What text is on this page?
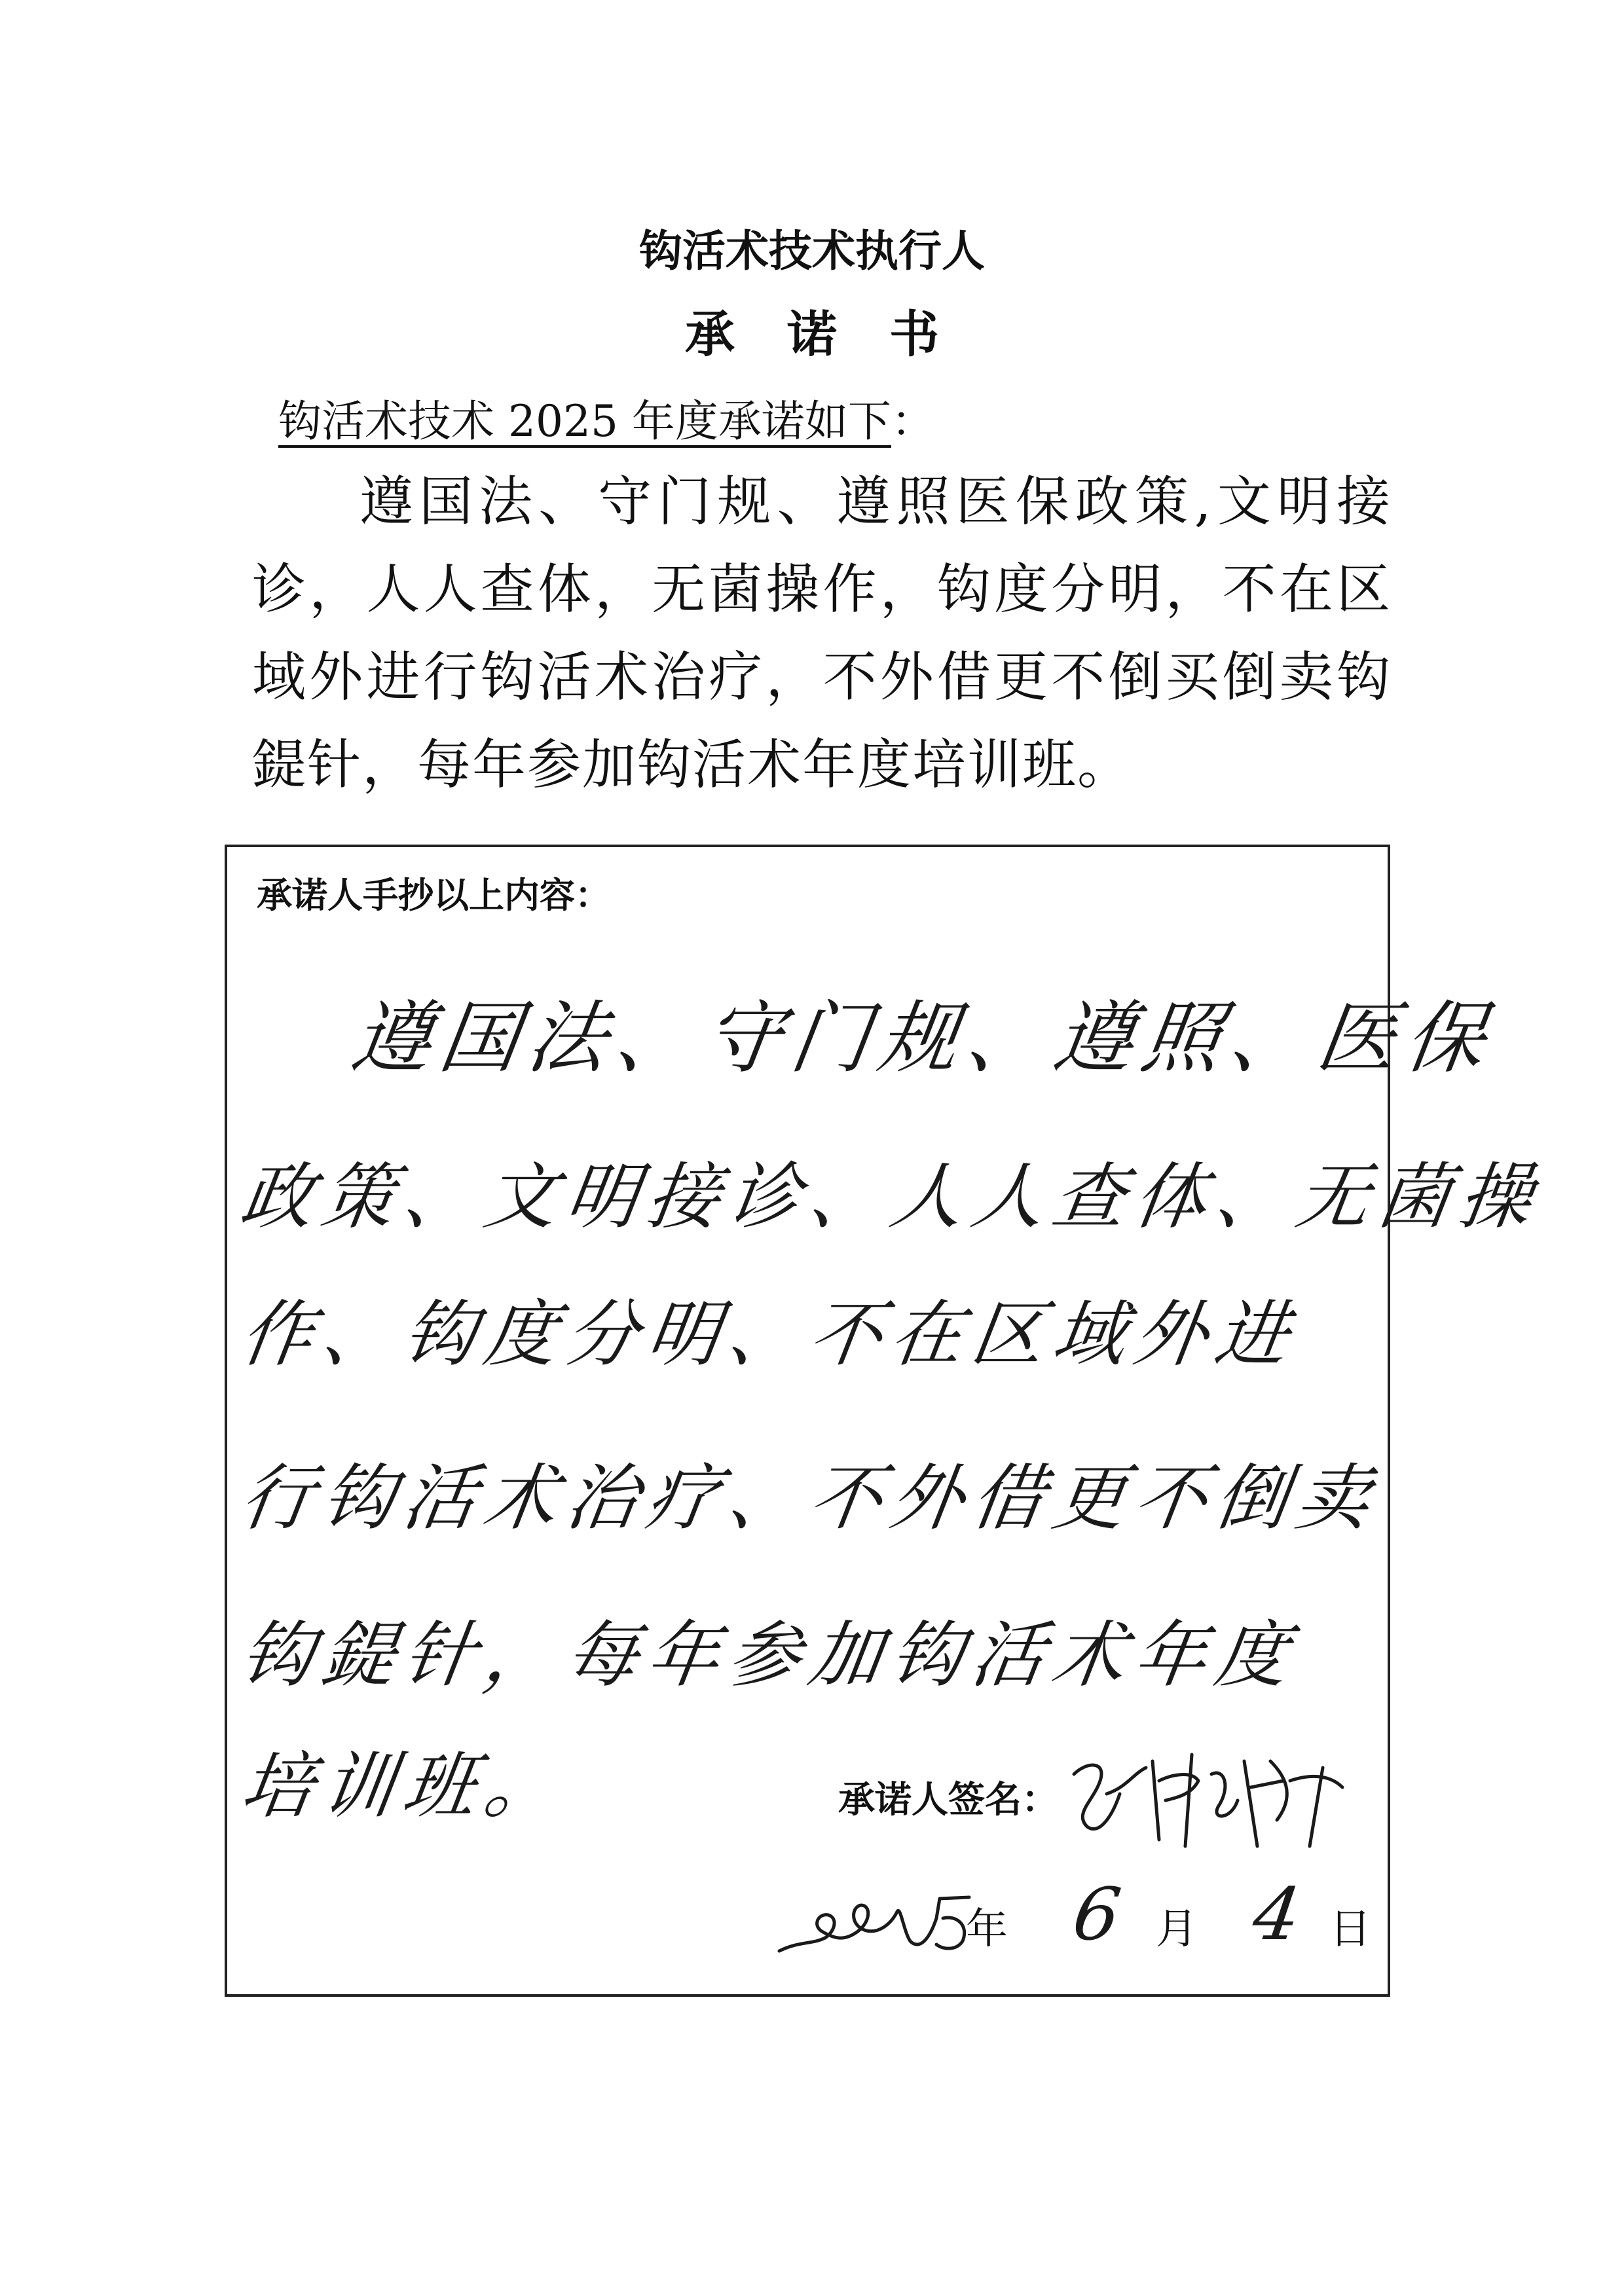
钩活术技术执行人
承诺书
钩活术技术 2025 年度承诺如下：
遵国法、守门规、遵照医保政策,文明接诊，人人查体，无菌操作，钩度分明，不在区域外进行钩活术治疗，不外借更不倒买倒卖钩鍉针，每年参加钩活术年度培训班。
承诺人手抄以上内容：
遵国法、守门规、遵照、医保
政策、文明接诊、人人查体、无菌操
作、钩度分明、不在区域外进
行钩活术治疗、不外借更不倒卖
钩鍉针，每年参加钩活术年度
培训班。	承诺人签名：
年 6 月 4 日
